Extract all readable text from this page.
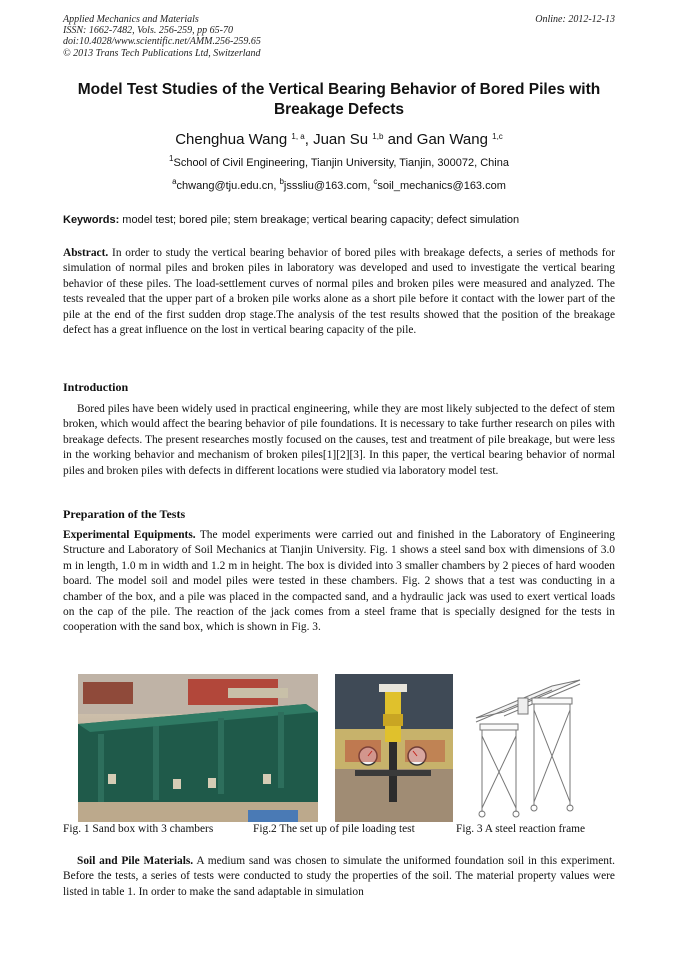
Applied Mechanics and Materials
ISSN: 1662-7482, Vols. 256-259, pp 65-70
doi:10.4028/www.scientific.net/AMM.256-259.65
© 2013 Trans Tech Publications Ltd, Switzerland
Online: 2012-12-13
Model Test Studies of the Vertical Bearing Behavior of Bored Piles with Breakage Defects
Chenghua Wang $^{1, a}$, Juan Su $^{1,b}$ and Gan Wang $^{1,c}$
$^1$School of Civil Engineering, Tianjin University, Tianjin, 300072, China
$^a$chwang@tju.edu.cn, $^b$jsssliu@163.com, $^c$soil_mechanics@163.com
Keywords: model test; bored pile; stem breakage; vertical bearing capacity; defect simulation
Abstract. In order to study the vertical bearing behavior of bored piles with breakage defects, a series of methods for simulation of normal piles and broken piles in laboratory was developed and used to investigate the vertical bearing behavior of these piles. The load-settlement curves of normal piles and broken piles were measured and analyzed. The tests revealed that the upper part of a broken pile works alone as a short pile before it contact with the lower part of the pile at the end of the first sudden drop stage.The analysis of the test results showed that the position of the breakage defect has a great influence on the lost in vertical bearing capacity of the pile.
Introduction
Bored piles have been widely used in practical engineering, while they are most likely subjected to the defect of stem broken, which would affect the bearing behavior of pile foundations. It is necessary to take further research on piles with breakage defects. The present researches mostly focused on the causes, test and treatment of pile breakage, but were less in the working behavior and mechanism of broken piles[1][2][3]. In this paper, the vertical bearing behavior of normal piles and broken piles with defects in different locations were studied via laboratory model test.
Preparation of the Tests
Experimental Equipments. The model experiments were carried out and finished in the Laboratory of Engineering Structure and Laboratory of Soil Mechanics at Tianjin University. Fig. 1 shows a steel sand box with dimensions of 3.0 m in length, 1.0 m in width and 1.2 m in height. The box is divided into 3 smaller chambers by 2 pieces of hard wooden board. The model soil and model piles were tested in these chambers. Fig. 2 shows that a test was conducting in a chamber of the box, and a pile was placed in the compacted sand, and a hydraulic jack was used to exert vertical loads on the cap of the pile. The reaction of the jack comes from a steel frame that is specially designed for the tests in cooperation with the sand box, which is shown in Fig. 3.
Fig. 1 Sand box with 3 chambers	Fig.2 The set up of pile loading test	Fig. 3 A steel reaction frame
Soil and Pile Materials. A medium sand was chosen to simulate the uniformed foundation soil in this experiment. Before the tests, a series of tests were conducted to study the properties of the soil. The material property values were listed in table 1. In order to make the sand adaptable in simulation
